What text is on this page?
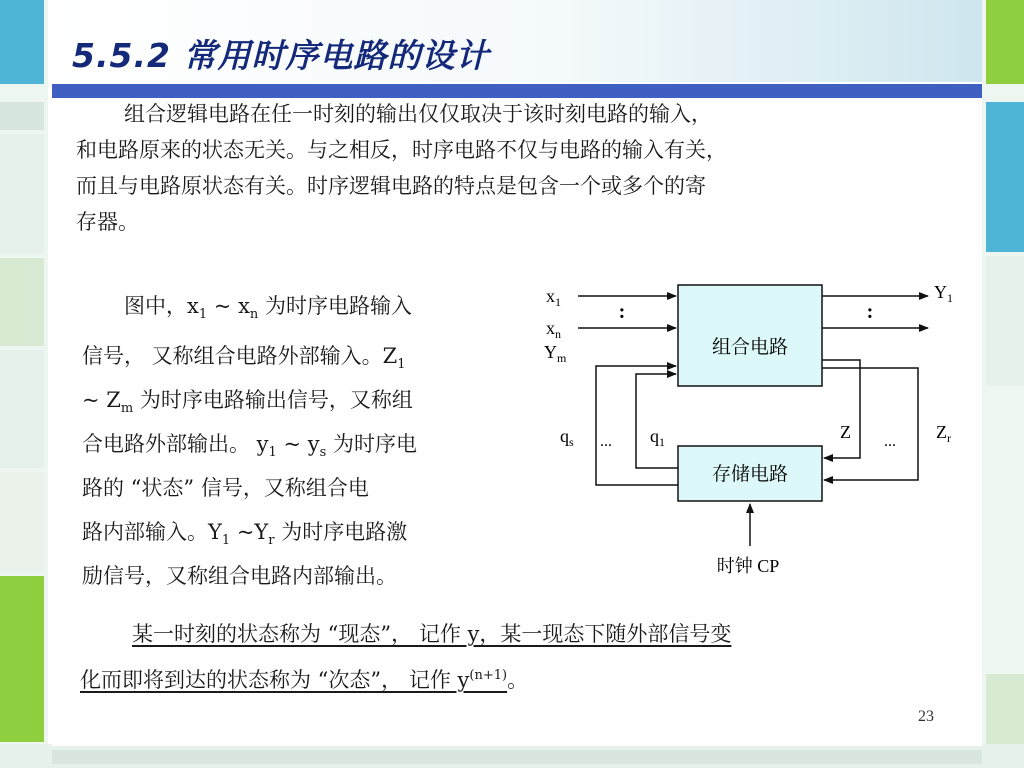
5.5.2 常用时序电路的设计
组合逻辑电路在任一时刻的输出仅仅取决于该时刻电路的输入，
和电路原来的状态无关。与之相反，时序电路不仅与电路的输入有关，
而且与电路原状态有关。时序逻辑电路的特点是包含一个或多个的寄
存器。
图中，$x_1$ ~ $x_n$ 为时序电路输入
信号， 又称组合电路外部输入。$Z_1$
~ $Z_m$ 为时序电路输出信号，又称组
合电路外部输出。 $y_1$ ~ $y_s$ 为时序电
路的 “状态” 信号，又称组合电
路内部输入。$Y_1$ $\sim Y_r$ 为时序电路激
励信号，又称组合电路内部输出。
某一时刻的状态称为 “现态”， 记作 y，某一现态下随外部信号变
化而即将到达的状态称为 “次态”， 记作 $y^{(n+1)}$。
组合电路
存储电路
:
$x_1$
$x_n$
$Y_m$
:
$Y_1$
$q_s$ ... $q_1$	Z ... $Z_r$
时钟 CP
23
